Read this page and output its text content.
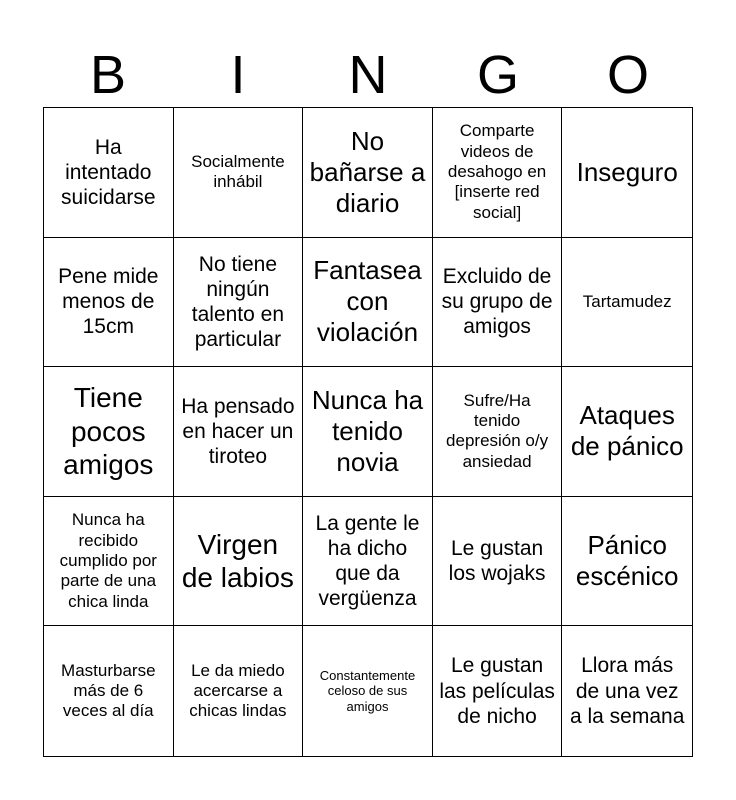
B	I	N	G	O
Ha intentado suicidarse
Socialmente inhábil
No bañarse a diario
Comparte videos de desahogo en [inserte red social]
Inseguro
Pene mide menos de 15cm
No tiene ningún talento en particular
Fantasea con violación
Excluido de su grupo de amigos
Tartamudez
Tiene pocos amigos
Ha pensado en hacer un tiroteo
Nunca ha tenido novia
Sufre/Ha tenido depresión o/y ansiedad
Ataques de pánico
Nunca ha recibido cumplido por parte de una chica linda
Virgen de labios
La gente le ha dicho que da vergüenza
Le gustan los wojaks
Pánico escénico
Masturbarse más de 6 veces al día
Le da miedo acercarse a chicas lindas
Constantemente celoso de sus amigos
Le gustan las películas de nicho
Llora más de una vez a la semana
